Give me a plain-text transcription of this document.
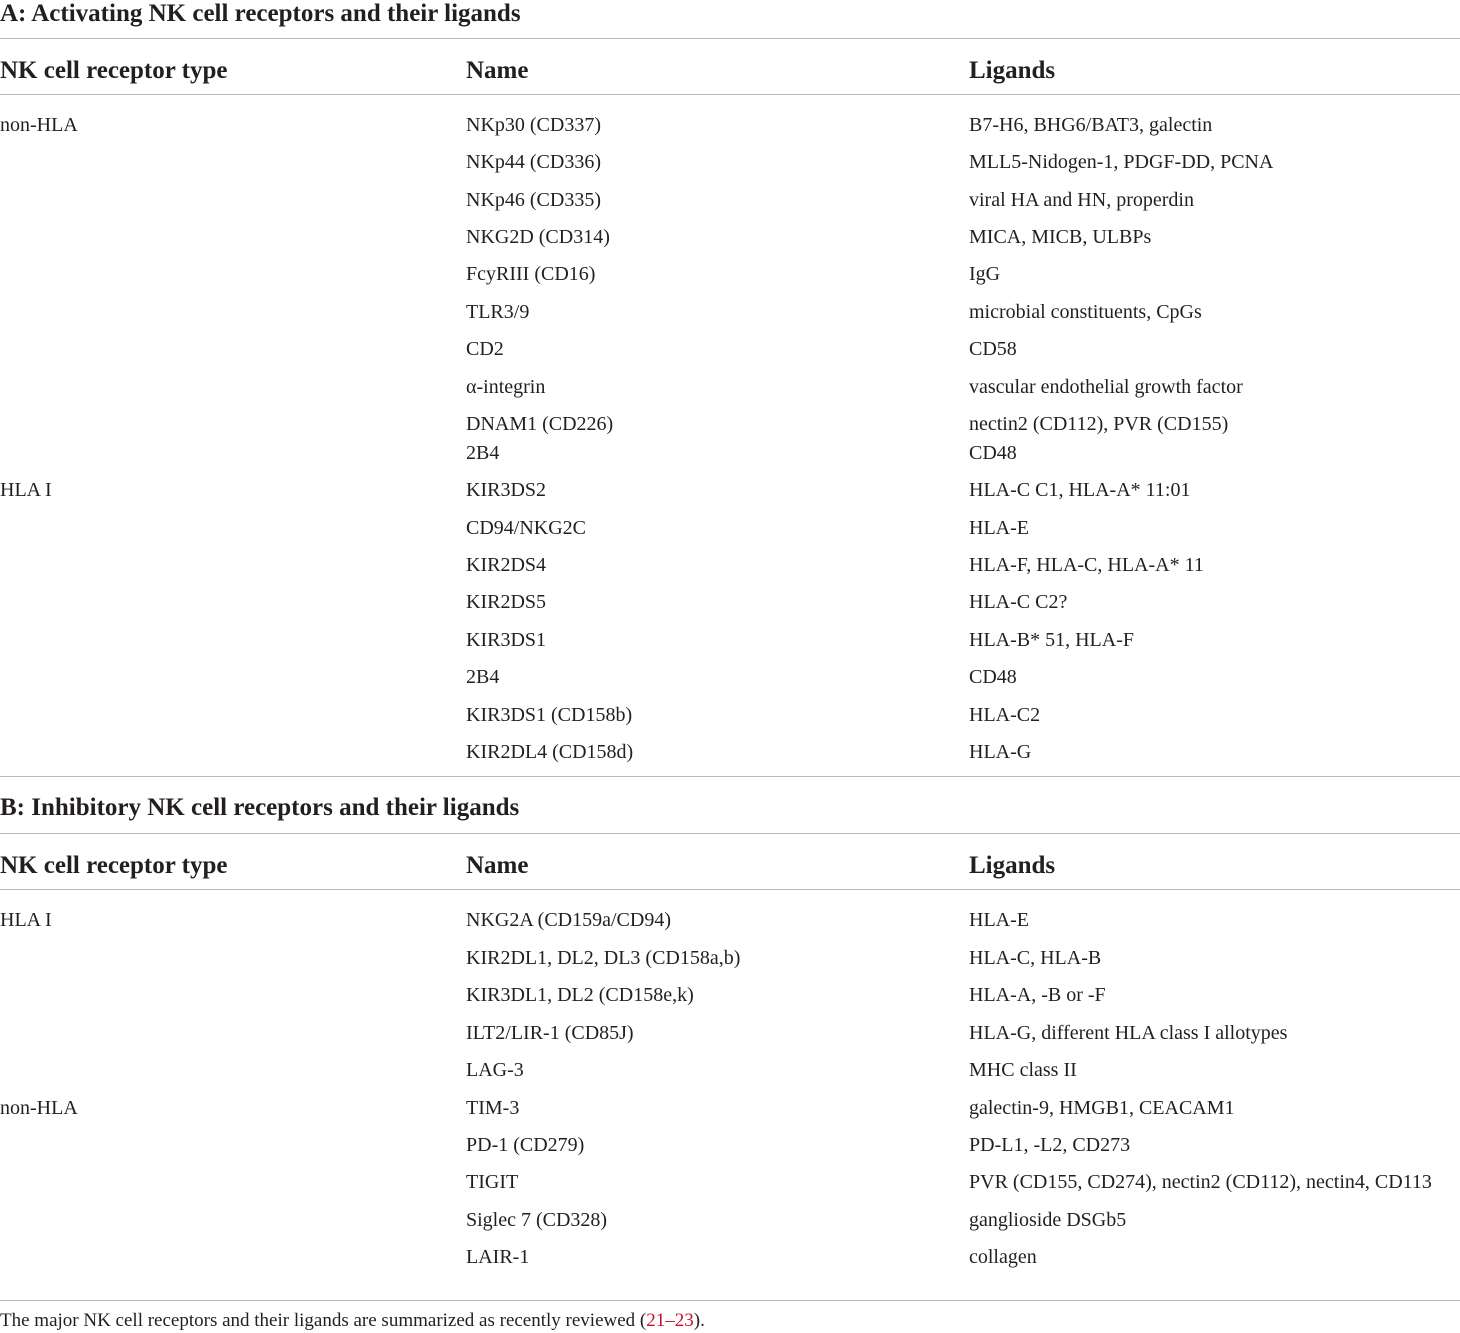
A: Activating NK cell receptors and their ligands
NK cell receptor type	Name	Ligands
non-HLA	NKp30 (CD337)	B7-H6, BHG6/BAT3, galectin
NKp44 (CD336)	MLL5-Nidogen-1, PDGF-DD, PCNA
NKp46 (CD335)	viral HA and HN, properdin
NKG2D (CD314)	MICA, MICB, ULBPs
FcyRIII (CD16)	IgG
TLR3/9	microbial constituents, CpGs
CD2	CD58
α-integrin	vascular endothelial growth factor
DNAM1 (CD226)	nectin2 (CD112), PVR (CD155)
2B4	CD48
HLA I	KIR3DS2	HLA-C C1, HLA-A* 11:01
CD94/NKG2C	HLA-E
KIR2DS4	HLA-F, HLA-C, HLA-A* 11
KIR2DS5	HLA-C C2?
KIR3DS1	HLA-B* 51, HLA-F
2B4	CD48
KIR3DS1 (CD158b)	HLA-C2
KIR2DL4 (CD158d)	HLA-G
B: Inhibitory NK cell receptors and their ligands
NK cell receptor type	Name	Ligands
HLA I	NKG2A (CD159a/CD94)	HLA-E
KIR2DL1, DL2, DL3 (CD158a,b)	HLA-C, HLA-B
KIR3DL1, DL2 (CD158e,k)	HLA-A, -B or -F
ILT2/LIR-1 (CD85J)	HLA-G, different HLA class I allotypes
LAG-3	MHC class II
non-HLA	TIM-3	galectin-9, HMGB1, CEACAM1
PD-1 (CD279)	PD-L1, -L2, CD273
TIGIT	PVR (CD155, CD274), nectin2 (CD112), nectin4, CD113
Siglec 7 (CD328)	ganglioside DSGb5
LAIR-1	collagen
The major NK cell receptors and their ligands are summarized as recently reviewed (21–23).
